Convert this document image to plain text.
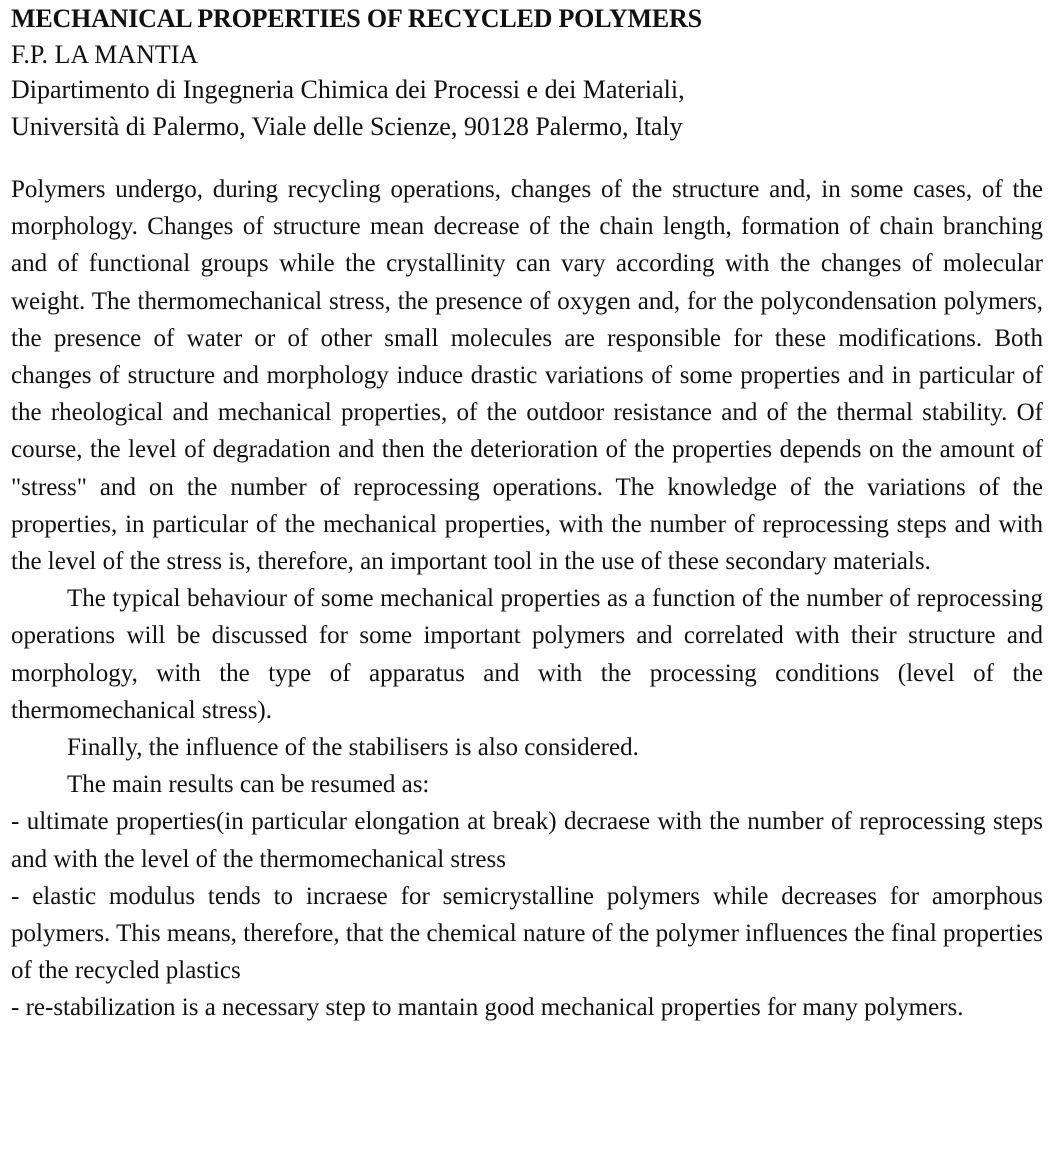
MECHANICAL PROPERTIES OF RECYCLED POLYMERS
F.P. LA MANTIA
Dipartimento di Ingegneria Chimica dei Processi e dei Materiali,
Università di Palermo, Viale delle Scienze, 90128 Palermo, Italy

Polymers undergo, during recycling operations, changes of the structure and, in some cases, of the morphology. Changes of structure mean decrease of the chain length, formation of chain branching and of functional groups while the crystallinity can vary according with the changes of molecular weight. The thermomechanical stress, the presence of oxygen and, for the polycondensation polymers, the presence of water or of other small molecules are responsible for these modifications. Both changes of structure and morphology induce drastic variations of some properties and in particular of the rheological and mechanical properties, of the outdoor resistance and of the thermal stability. Of course, the level of degradation and then the deterioration of the properties depends on the amount of "stress" and on the number of reprocessing operations. The knowledge of the variations of the properties, in particular of the mechanical properties, with the number of reprocessing steps and with the level of the stress is, therefore, an important tool in the use of these secondary materials.

The typical behaviour of some mechanical properties as a function of the number of reprocessing operations will be discussed for some important polymers and correlated with their structure and morphology, with the type of apparatus and with the processing conditions (level of the thermomechanical stress).

Finally, the influence of the stabilisers is also considered.

The main results can be resumed as:

- ultimate properties(in particular elongation at break) decraese with the number of reprocessing steps and with the level of the thermomechanical stress
- elastic modulus tends to incraese for semicrystalline polymers while decreases for amorphous polymers. This means, therefore, that the chemical nature of the polymer influences the final properties of the recycled plastics
- re-stabilization is a necessary step to mantain good mechanical properties for many polymers.
